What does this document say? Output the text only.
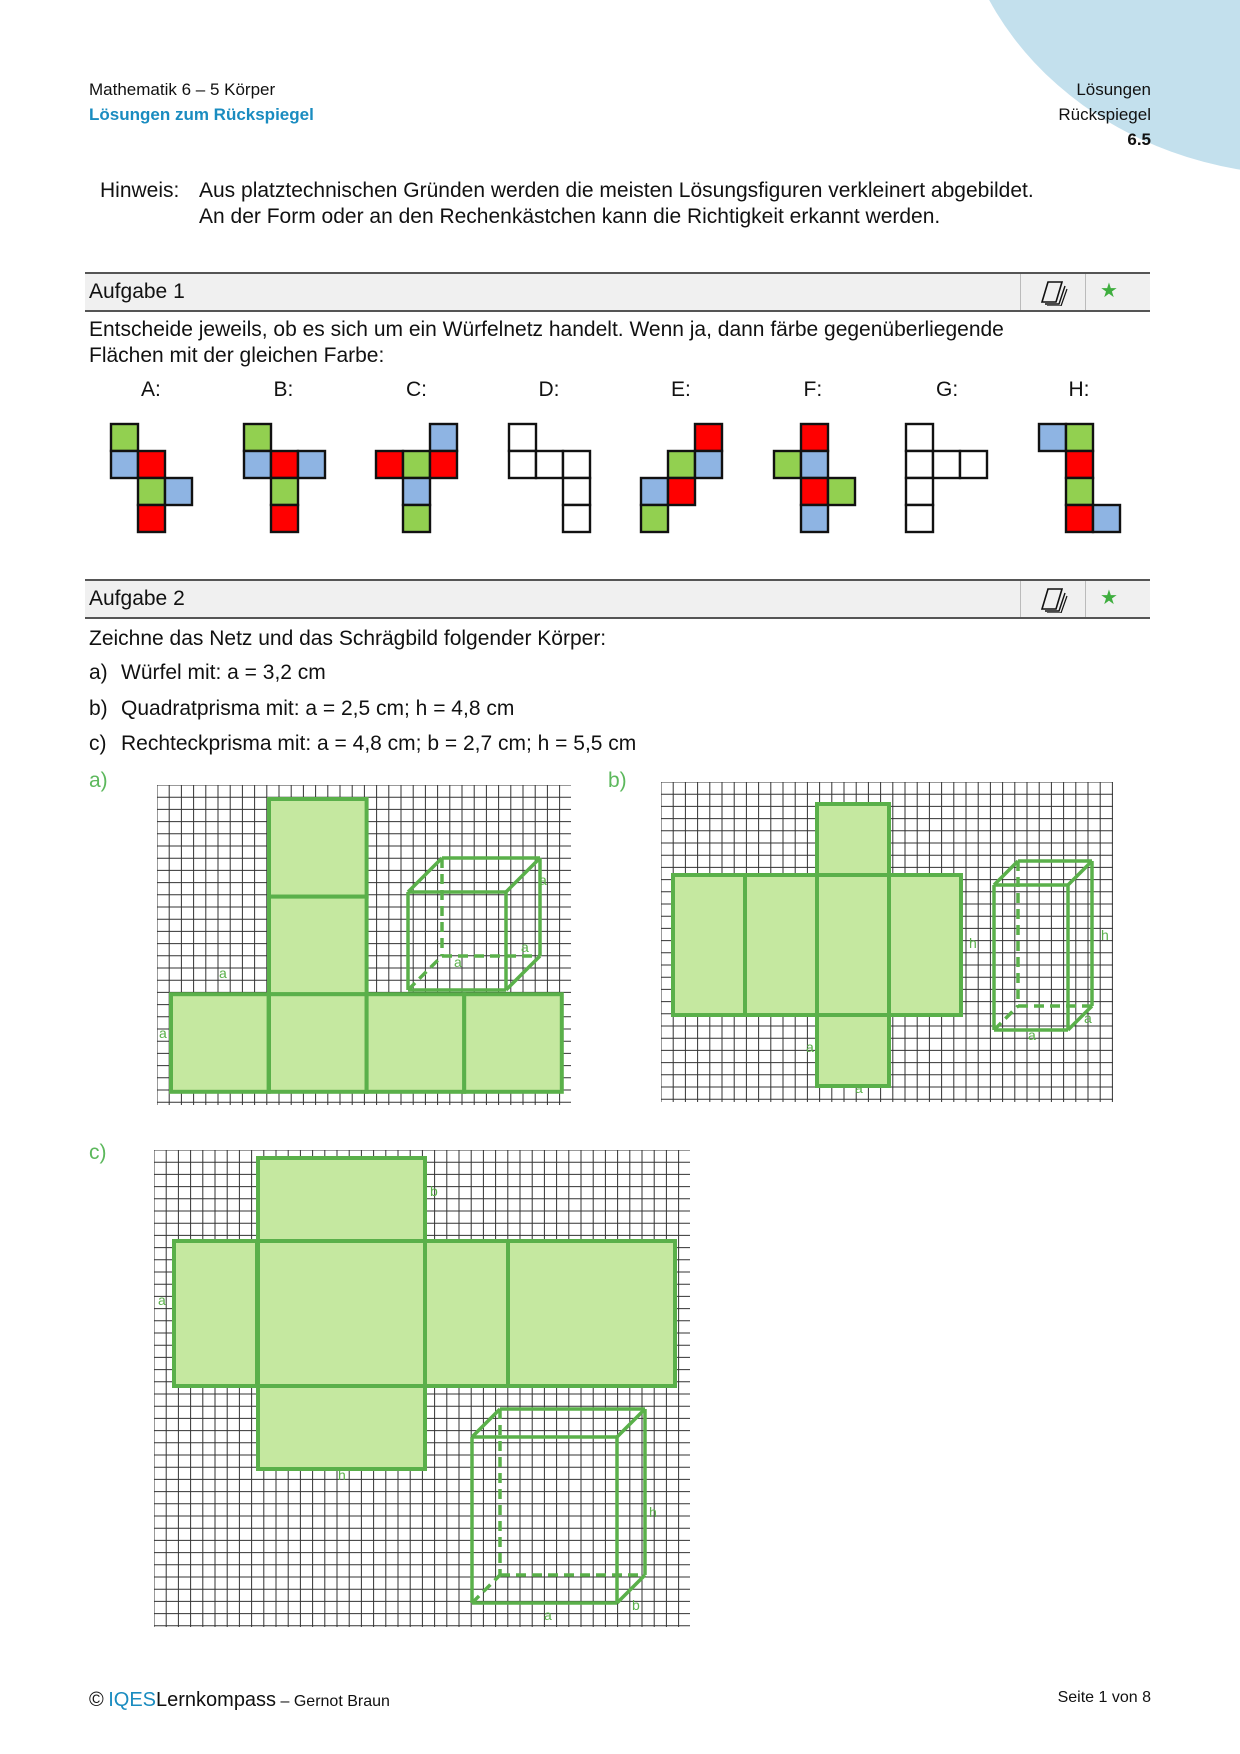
Mathematik 6 – 5 Körper
Lösungen zum Rückspiegel
Lösungen
Rückspiegel
6.5
Hinweis: Aus platztechnischen Gründen werden die meisten Lösungsfiguren verkleinert abgebildet.
An der Form oder an den Rechenkästchen kann die Richtigkeit erkannt werden.
Aufgabe 1	★
Entscheide jeweils, ob es sich um ein Würfelnetz handelt. Wenn ja, dann färbe gegenüberliegende
Flächen mit der gleichen Farbe:
A:	B:	C:	D:	E:	F:	G:	H:
Aufgabe 2	★
Zeichne das Netz und das Schrägbild folgender Körper:
a) Würfel mit: a = 3,2 cm
b) Quadratprisma mit: a = 2,5 cm; h = 4,8 cm
c) Rechteckprisma mit: a = 4,8 cm; b = 2,7 cm; h = 5,5 cm
a)	b)
c)
a
a
a
a
a
h	h
a
a
a
a
b
a
h
h
b
a
© IQESLernkompass – Gernot Braun	Seite 1 von 8
